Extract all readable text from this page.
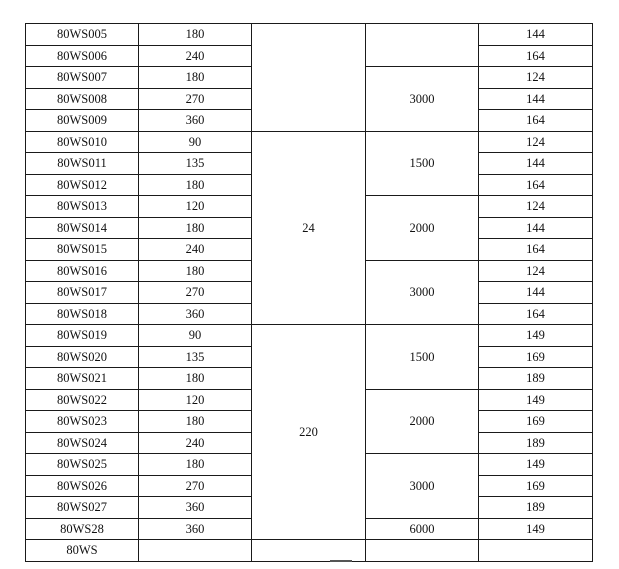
80WS005	180			144
80WS006	240			164
80WS007	180		3000	124
80WS008	270			144
80WS009	360			164
80WS010	90	24	1500	124
80WS011	135			144
80WS012	180			164
80WS013	120		2000	124
80WS014	180			144
80WS015	240			164
80WS016	180		3000	124
80WS017	270			144
80WS018	360			164
80WS019	90	220	1500	149
80WS020	135			169
80WS021	180			189
80WS022	120		2000	149
80WS023	180			169
80WS024	240			189
80WS025	180		3000	149
80WS026	270			169
80WS027	360			189
80WS28	360		6000	149
80WS				
